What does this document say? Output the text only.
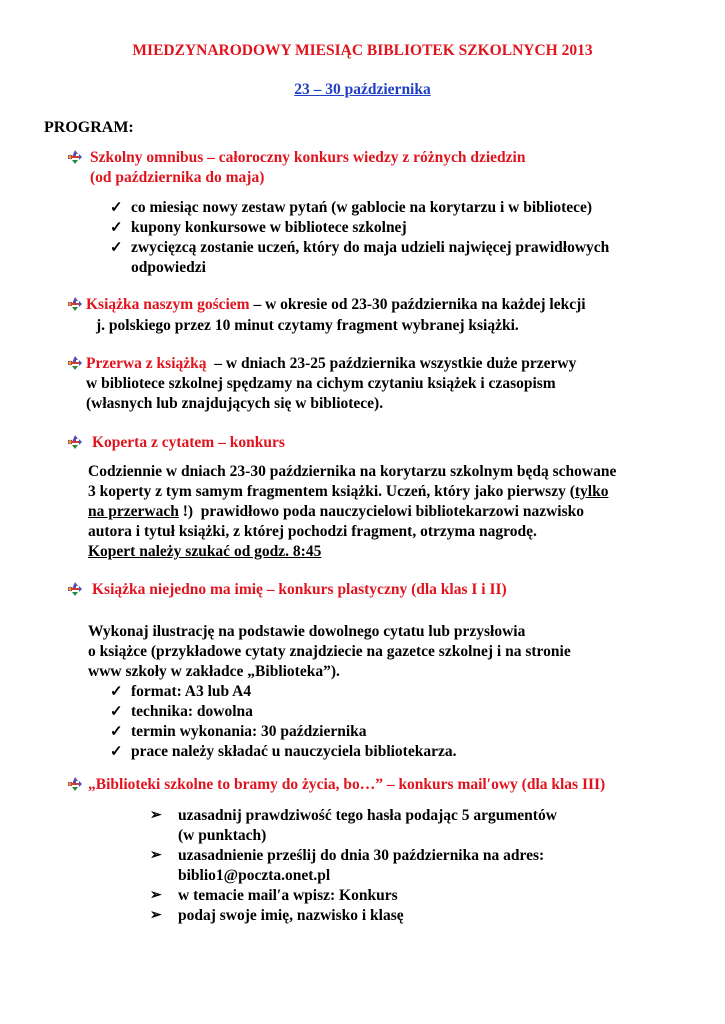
MIEDZYNARODOWY MIESIĄC BIBLIOTEK SZKOLNYCH 2013
23 – 30 października
PROGRAM:
Szkolny omnibus – całoroczny konkurs wiedzy z różnych dziedzin
(od października do maja)
✓ co miesiąc nowy zestaw pytań (w gablocie na korytarzu i w bibliotece)
✓ kupony konkursowe w bibliotece szkolnej
✓ zwycięzcą zostanie uczeń, który do maja udzieli najwięcej prawidłowych
odpowiedzi
Książka naszym gościem – w okresie od 23-30 października na każdej lekcji
j. polskiego przez 10 minut czytamy fragment wybranej książki.
Przerwa z książką  – w dniach 23-25 października wszystkie duże przerwy
w bibliotece szkolnej spędzamy na cichym czytaniu książek i czasopism
(własnych lub znajdujących się w bibliotece).
Koperta z cytatem – konkurs
Codziennie w dniach 23-30 października na korytarzu szkolnym będą schowane
3 koperty z tym samym fragmentem książki. Uczeń, który jako pierwszy (tylko
na przerwach !)  prawidłowo poda nauczycielowi bibliotekarzowi nazwisko
autora i tytuł książki, z której pochodzi fragment, otrzyma nagrodę.
Kopert należy szukać od godz. 8:45
Książka niejedno ma imię – konkurs plastyczny (dla klas I i II)
Wykonaj ilustrację na podstawie dowolnego cytatu lub przysłowia
o książce (przykładowe cytaty znajdziecie na gazetce szkolnej i na stronie
www szkoły w zakładce „Biblioteka”).
✓ format: A3 lub A4
✓ technika: dowolna
✓ termin wykonania: 30 października
✓ prace należy składać u nauczyciela bibliotekarza.
„Biblioteki szkolne to bramy do życia, bo…” – konkurs mail′owy (dla klas III)
➢ uzasadnij prawdziwość tego hasła podając 5 argumentów
(w punktach)
➢ uzasadnienie prześlij do dnia 30 października na adres:
biblio1@poczta.onet.pl
➢ w temacie mail′a wpisz: Konkurs
➢ podaj swoje imię, nazwisko i klasę
